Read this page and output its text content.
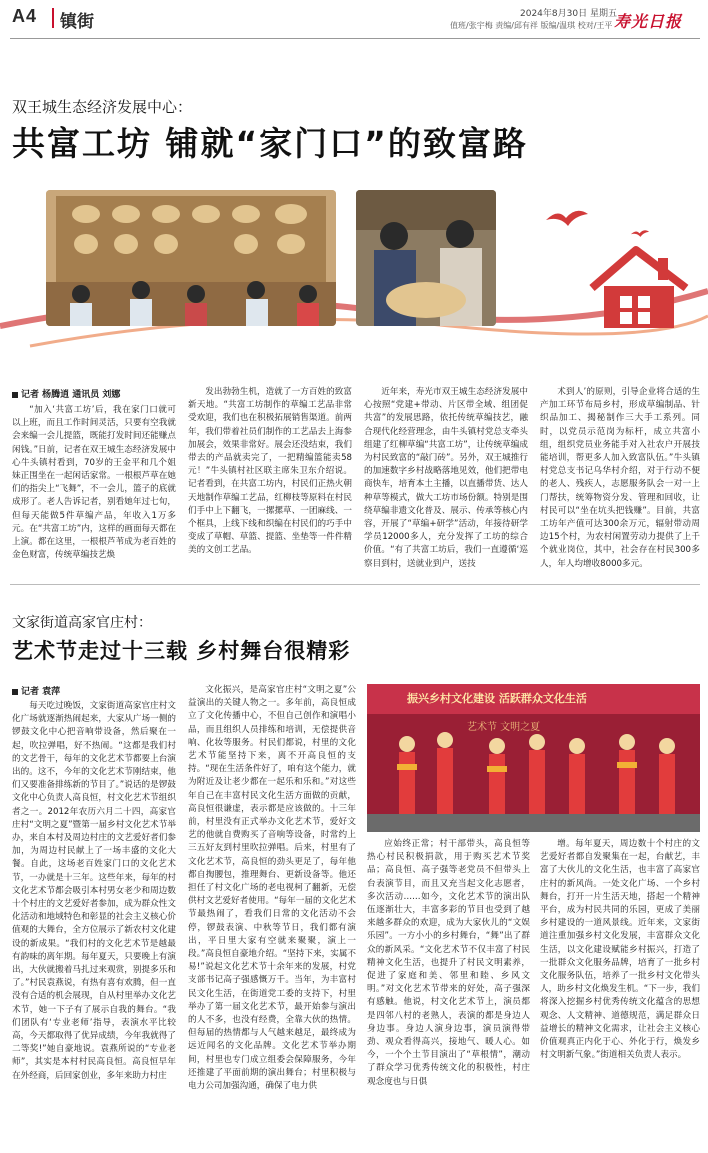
A4 镇街	2024年8月30日 星期五
值班/张宇梅 责编/邱有祥 版编/温琪 校对/王平 寿光日报
双王城生态经济发展中心：
共富工坊 铺就“家门口”的致富路
记者 杨腾逍 通讯员 刘娜

“加入‘共富工坊’后，我在家门口就可以上班，而且工作时间灵活，只要有空我就会来编一会儿提篮，既能打发时间还能赚点闲钱。”日前，记者在双王城生态经济发展中心牛头镇村看到，70岁的王金平和几个姐妹正围坐在一起闲话家常。一根根芦草在她们的指尖上“飞舞”，不一会儿，篮子的底就成形了。老人告诉记者，别看她年过七旬，但每天能做5件草编产品，年收入1万多元。在“共富工坊”内，这样的画面每天都在上演。都在这里，一根根芦苇成为老百姓的金色财富，传统草编技艺焕

发出勃勃生机，造就了一方百姓的致富新天地。“共富工坊制作的草编工艺品非常受欢迎，我们也在积极拓展销售渠道。前两年，我们带着社员们制作的工艺品去上海参加展会，效果非常好。展会还没结束，我们带去的产品就卖完了，一把精编篮能卖58元！”牛头镇村社区联主席朱卫东介绍说。记者看到，在共富工坊内，村民们正热火朝天地制作草编工艺品，红柳枝等原料在村民们手中上下翻飞，一摞摞草、一团麻线、一个框具，上线下线和织编在村民们的巧手中变成了草帽、草篮、提篮、坐垫等一件件精美的文创工艺品。

近年来，寿光市双王城生态经济发展中心按照“党建+带动、片区带全域、组团促共富”的发展思路，依托传统草编技艺，融合现代化经营理念，由牛头镇村党总支牵头组建了红柳草编“共富工坊”，让传统草编成为村民致富的“敲门砖”。另外，双王城推行的加速数字乡村战略落地见效，他们把带电商快车，培育本土主播，以直播带货、达人种草等模式，做大工坊市场份额。特别是围绕草编非遗文化普及、展示、传承等核心内容，开展了“草编+研学”活动，年接待研学学员12000多人，充分发挥了工坊的综合价值。“有了共富工坊后，我们一直遵循‘巡察目到村，送就业到户，送技

术到人’的原则，引导企业将合适的生产加工环节布局乡村，形成草编制品、针织品加工、揭秘制作三大手工系列。同时，以党员示范岗为标杆，成立共富小组，组织党员业务能手对入社农户开展技能培训，帮更多人加入致富队伍。”牛头镇村党总支书记乌华村介绍，对于行动不便的老人、残疾人，志愿服务队会一对一上门帮扶，统筹物资分发、管理和回收，让村民可以“坐在坑头把钱赚”。目前，共富工坊年产值可达300余万元，辐射带动周边15个村，为农村闲置劳动力提供了上千个就业岗位，其中，社会存在村民300多人，年人均增收8000多元。

文家街道高家官庄村：
艺术节走过十三载 乡村舞台很精彩
记者 袁萍

每天吃过晚饭，文家街道高家官庄村文化广场就逐渐热闹起来，大家从广场一侧的锣鼓文化中心把音响带设备，然后聚在一起，吹拉弹唱，好不热闹。“这都是我们村的文艺骨干，每年的文化艺术节都要上台演出的。这不，今年的文化艺术节刚结束，他们又要准备排练新的节目了。”说话的是锣鼓文化中心负责人高良恒，村文化艺术节组织者之一。2012年农历六月二十四，高家官庄村“文明之夏”暨第一届乡村文化艺术节举办，来自本村及周边村庄的文艺爱好者们参加，为周边村民献上了一场丰盛的文化大餐。自此，这场老百姓家门口的文化艺术节，一办就是十三年。这些年来，每年的村文化艺术节都会吸引本村男女老少和周边数十个村庄的文艺爱好者参加，成为群众性文化活动和地域特色和彰显的社会主义核心价值观的大舞台，全方位展示了新农村文化建设的新成果。“我们村的文化艺术节是越最有韵味的离年期。每年夏天，只要晚上有演出，大伙就搬着马扎过来观赏，别提多乐和了。”村民袁燕说，有热有喜有欢腾，但一直没有合适的机会展现，自从村里举办文化艺术节，她一下子有了展示自我的舞台。“我们团队有‘专业老师’指导，表演水平比较高，今天都取得了优异成绩，今年我就得了二等奖!”她自豪地说。袁燕所说的“专业老师”，其实是本村村民高良恒。高良恒早年在外经商，后回家创业，多年来助力村庄

文化振兴，是高家官庄村“文明之夏”公益演出的关键人物之一。多年前，高良恒成立了文化传播中心，不但自己创作和演唱小品，而且组织人员排练和培训，无偿提供音响、化妆等服务。村民们都说，村里的文化艺术节能坚持下来，离不开高良恒的支持。“现在生活条件好了，咱有这个能力，就为附近及让老少都在一起乐和乐和。”对这些年自己在丰富村民文化生活方面做的贡献，高良恒很谦虚，表示都是应该做的。十三年前，村里没有正式举办文化艺术节，爱好文艺的他就自费购买了音响等设备，时常约上三五好友到村里吹拉弹唱。后来，村里有了文化艺术节，高良恒的劲头更足了，每年他都自掏腰包，推理舞台、更新设备等。他还担任了村文化广场的老电视柯了翻新，无偿供村文艺爱好者使用。“每年一届的文化艺术节最热闹了，看我们日常的文化活动不会停，锣鼓表演、中秋等节日，我们都有演出，平日里大家有空就来聚聚，演上一段。”高良恒自豪地介绍。“坚持下来，实属不易!”说起文化艺术节十余年来的发展，村党支部书记高子强感慨万千。当年，为丰富村民文化生活，在街道党工委的支持下，村里举办了第一届文化艺术节，最开始参与演出的人不多，也没有经费，全靠大伙的热情。但每届的热情都与人气越来越足，最终成为远近闻名的文化品牌。文化艺术节举办期间，村里也专门成立组委会保障服务，今年还推建了平面前期的演出舞台；村里积极与电力公司加强沟通，确保了电力供

振兴乡村文化建设 活跃群众文化生活
艺术节 文明之夏

应始终正常；村干部带头，高良恒等热心村民积极捐款，用于购买艺术节奖品；高良恒、高子强等老党员不但带头上台表演节目，而且又充当起文化志愿者，多次活动……如今，文化艺术节的演出队伍逐渐壮大，丰富多彩的节目也受到了越来越多群众的欢迎，成为大家伙儿的“文娱乐园”。一方小小的乡村舞台，“舞”出了群众的新风采。“文化艺术节不仅丰富了村民精神文化生活，也提升了村民文明素养，促进了家庭和美、邻里和睦、乡风文明。”对文化艺术节带来的好处，高子强深有感触。他说，村文化艺术节上，演员都是四邻八村的老熟人，表演的都是身边人身边事。身边人演身边事，演员演得带劲、观众看得高兴，接地气、暖人心。如今，一个个土节目演出了“草根情”，潮动了群众学习优秀传统文化的积极性，村庄观念度也与日俱

增。每年夏天，周边数十个村庄的文艺爱好者都自发聚集在一起，台献艺，丰富了大伙儿的文化生活，也丰富了高家官庄村的新风尚。一处文化广场、一个乡村舞台，打开一片生活天地，搭起一个精神平台，成为村民共同的乐园，更成了美丽乡村建设的一道风景线。近年来，文家街道注重加强乡村文化发展，丰富群众文化生活，以文化建设赋能乡村振兴，打造了一批群众文化服务品牌，培育了一批乡村文化服务队伍，培养了一批乡村文化带头人，助乡村文化焕发生机。“下一步，我们将深入挖掘乡村优秀传统文化蕴含的思想观念、人文精神、道德规范，满足群众日益增长的精神文化需求，让社会主义核心价值观真正内化于心、外化于行，焕发乡村文明新气象。”街道相关负责人表示。
